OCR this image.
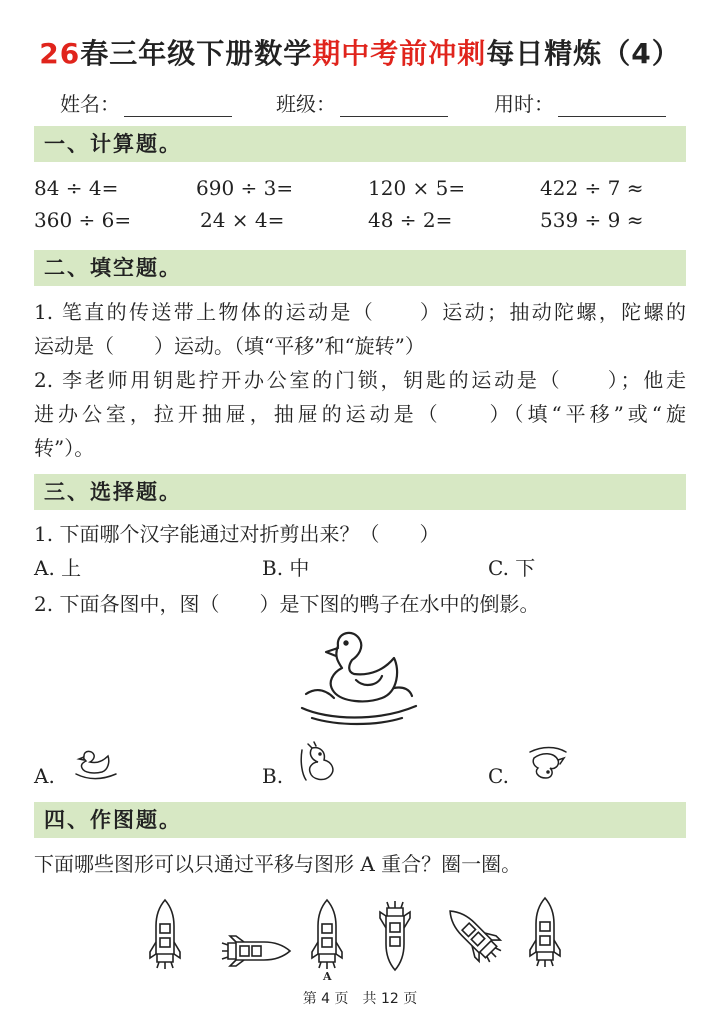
26春三年级下册数学期中考前冲刺每日精炼（4）
姓名：	班级：	用时：
一、计算题。
84 ÷ 4=	690 ÷ 3=	120 × 5=	422 ÷ 7 ≈
360 ÷ 6=	24 × 4=	48 ÷ 2=	539 ÷ 9 ≈
二、填空题。
1. 笔直的传送带上物体的运动是（　　）运动；抽动陀螺，陀螺的
运动是（　　）运动。（填“平移”和“旋转”）
2. 李老师用钥匙拧开办公室的门锁，钥匙的运动是（　　）；他走
进办公室，拉开抽屉，抽屉的运动是（　　）（填“平移”或“旋
转”）。
三、选择题。
1. 下面哪个汉字能通过对折剪出来？（　　）
A. 上	B. 中	C. 下
2. 下面各图中，图（　　）是下图的鸭子在水中的倒影。
A.	B.	C.
四、作图题。
下面哪些图形可以只通过平移与图形 A 重合？圈一圈。
A
第 4 页　共 12 页
